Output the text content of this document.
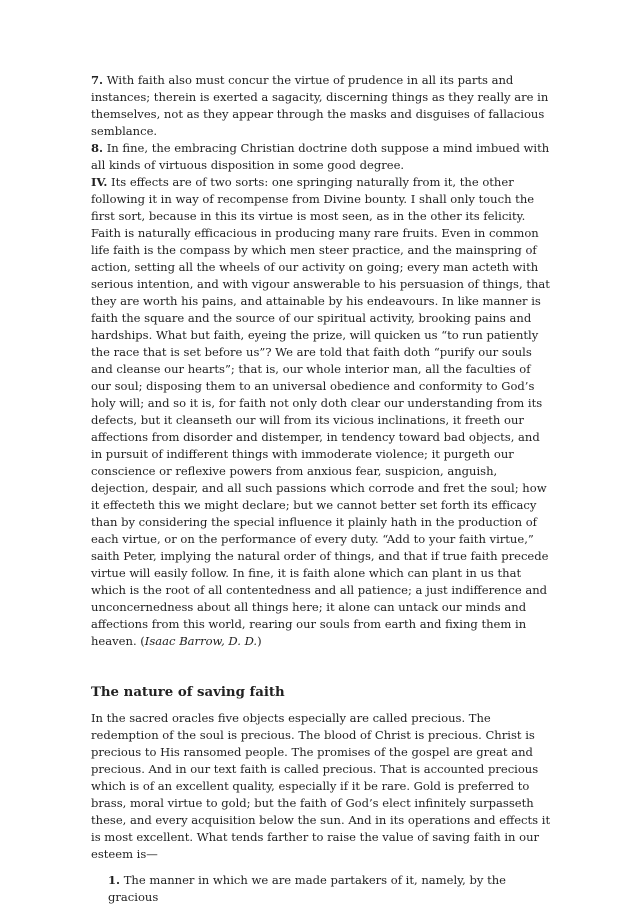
7. With faith also must concur the virtue of prudence in all its parts and instances; therein is exerted a sagacity, discerning things as they really are in themselves, not as they appear through the masks and disguises of fallacious semblance.

8. In fine, the embracing Christian doctrine doth suppose a mind imbued with all kinds of virtuous disposition in some good degree.

IV. Its effects are of two sorts: one springing naturally from it, the other following it in way of recompense from Divine bounty. I shall only touch the first sort, because in this its virtue is most seen, as in the other its felicity. Faith is naturally efficacious in producing many rare fruits. Even in common life faith is the compass by which men steer practice, and the mainspring of action, setting all the wheels of our activity on going; every man acteth with serious intention, and with vigour answerable to his persuasion of things, that they are worth his pains, and attainable by his endeavours. In like manner is faith the square and the source of our spiritual activity, brooking pains and hardships. What but faith, eyeing the prize, will quicken us “to run patiently the race that is set before us”? We are told that faith doth “purify our souls and cleanse our hearts”; that is, our whole interior man, all the faculties of our soul; disposing them to an universal obedience and conformity to God’s holy will; and so it is, for faith not only doth clear our understanding from its defects, but it cleanseth our will from its vicious inclinations, it freeth our affections from disorder and distemper, in tendency toward bad objects, and in pursuit of indifferent things with immoderate violence; it purgeth our conscience or reflexive powers from anxious fear, suspicion, anguish, dejection, despair, and all such passions which corrode and fret the soul; how it effecteth this we might declare; but we cannot better set forth its efficacy than by considering the special influence it plainly hath in the production of each virtue, or on the performance of every duty. “Add to your faith virtue,” saith Peter, implying the natural order of things, and that if true faith precede virtue will easily follow. In fine, it is faith alone which can plant in us that which is the root of all contentedness and all patience; a just indifference and unconcernedness about all things here; it alone can untack our minds and affections from this world, rearing our souls from earth and fixing them in heaven. (Isaac Barrow, D. D.)

The nature of saving faith

In the sacred oracles five objects especially are called precious. The redemption of the soul is precious. The blood of Christ is precious. Christ is precious to His ransomed people. The promises of the gospel are great and precious. And in our text faith is called precious. That is accounted precious which is of an excellent quality, especially if it be rare. Gold is preferred to brass, moral virtue to gold; but the faith of God’s elect infinitely surpasseth these, and every acquisition below the sun. And in its operations and effects it is most excellent. What tends farther to raise the value of saving faith in our esteem is—

1. The manner in which we are made partakers of it, namely, by the gracious
